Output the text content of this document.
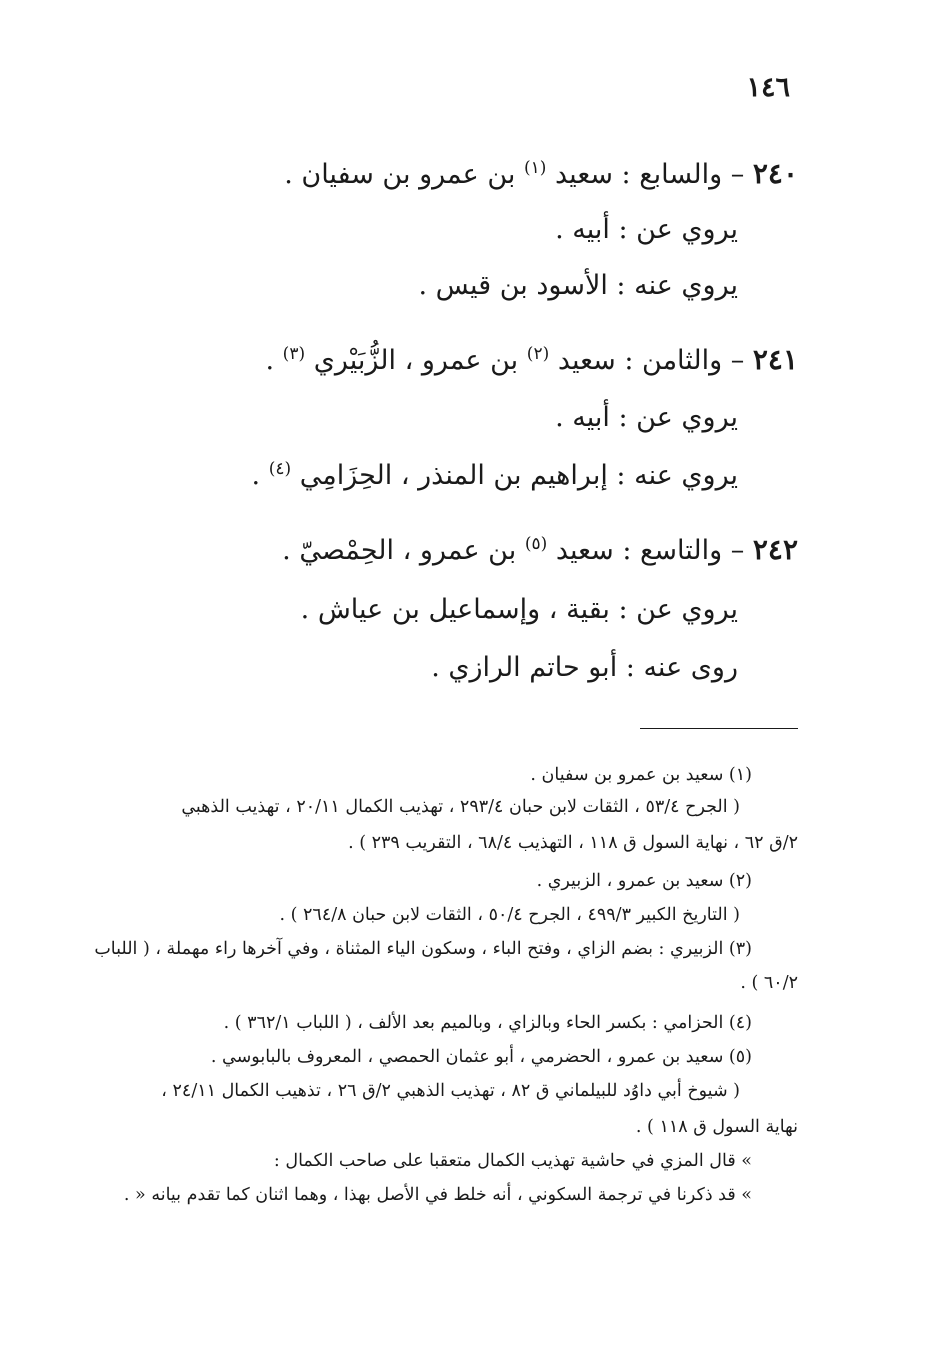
١٤٦
٢٤٠ – والسابع : سعيد $^{(١)}$ بن عمرو بن سفيان .
يروي عن : أبيه .
يروي عنه : الأسود بن قيس .
٢٤١ – والثامن : سعيد $^{(٢)}$ بن عمرو ، الزُّبَيْري $^{(٣)}$ .
يروي عن : أبيه .
يروي عنه : إبراهيم بن المنذر ، الحِزَامِي $^{(٤)}$ .
٢٤٢ – والتاسع : سعيد $^{(٥)}$ بن عمرو ، الحِمْصيّ .
يروي عن : بقية ، وإسماعيل بن عياش .
روى عنه : أبو حاتم الرازي .
(١) سعيد بن عمرو بن سفيان .
( الجرح ٥٣/٤ ، الثقات لابن حبان ٢٩٣/٤ ، تهذيب الكمال ٢٠/١١ ، تهذيب الذهبي
٢/ق ٦٢ ، نهاية السول ق ١١٨ ، التهذيب ٦٨/٤ ، التقريب ٢٣٩ ) .
(٢) سعيد بن عمرو ، الزبيري .
( التاريخ الكبير ٤٩٩/٣ ، الجرح ٥٠/٤ ، الثقات لابن حبان ٢٦٤/٨ ) .
(٣) الزبيري : بضم الزاي ، وفتح الباء ، وسكون الياء المثناة ، وفي آخرها راء مهملة ، ( اللباب
٦٠/٢ ) .
(٤) الحزامي : بكسر الحاء وبالزاي ، وبالميم بعد الألف ، ( اللباب ٣٦٢/١ ) .
(٥) سعيد بن عمرو ، الحضرمي ، أبو عثمان الحمصي ، المعروف بالبابوسي .
( شيوخ أبي داوُد للبيلماني ق ٨٢ ، تهذيب الذهبي ٢/ق ٢٦ ، تذهيب الكمال ٢٤/١١ ،
نهاية السول ق ١١٨ ) .
» قال المزي في حاشية تهذيب الكمال متعقبا على صاحب الكمال :
» قد ذكرنا في ترجمة السكوني ، أنه خلط في الأصل بهذا ، وهما اثنان كما تقدم بيانه « .
